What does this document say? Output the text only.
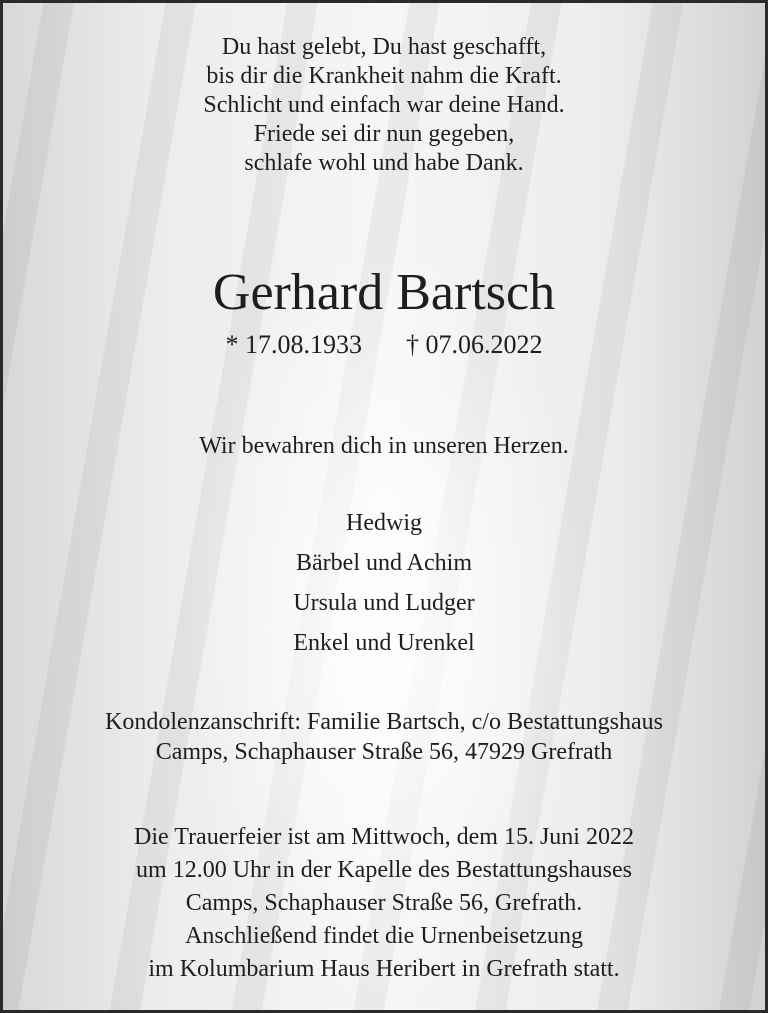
Du hast gelebt, Du hast geschafft,
bis dir die Krankheit nahm die Kraft.
Schlicht und einfach war deine Hand.
Friede sei dir nun gegeben,
schlafe wohl und habe Dank.
Gerhard Bartsch
* 17.08.1933 † 07.06.2022
Wir bewahren dich in unseren Herzen.
Hedwig
Bärbel und Achim
Ursula und Ludger
Enkel und Urenkel
Kondolenzanschrift: Familie Bartsch, c/o Bestattungshaus
Camps, Schaphauser Straße 56, 47929 Grefrath
Die Trauerfeier ist am Mittwoch, dem 15. Juni 2022
um 12.00 Uhr in der Kapelle des Bestattungshauses
Camps, Schaphauser Straße 56, Grefrath.
Anschließend findet die Urnenbeisetzung
im Kolumbarium Haus Heribert in Grefrath statt.
